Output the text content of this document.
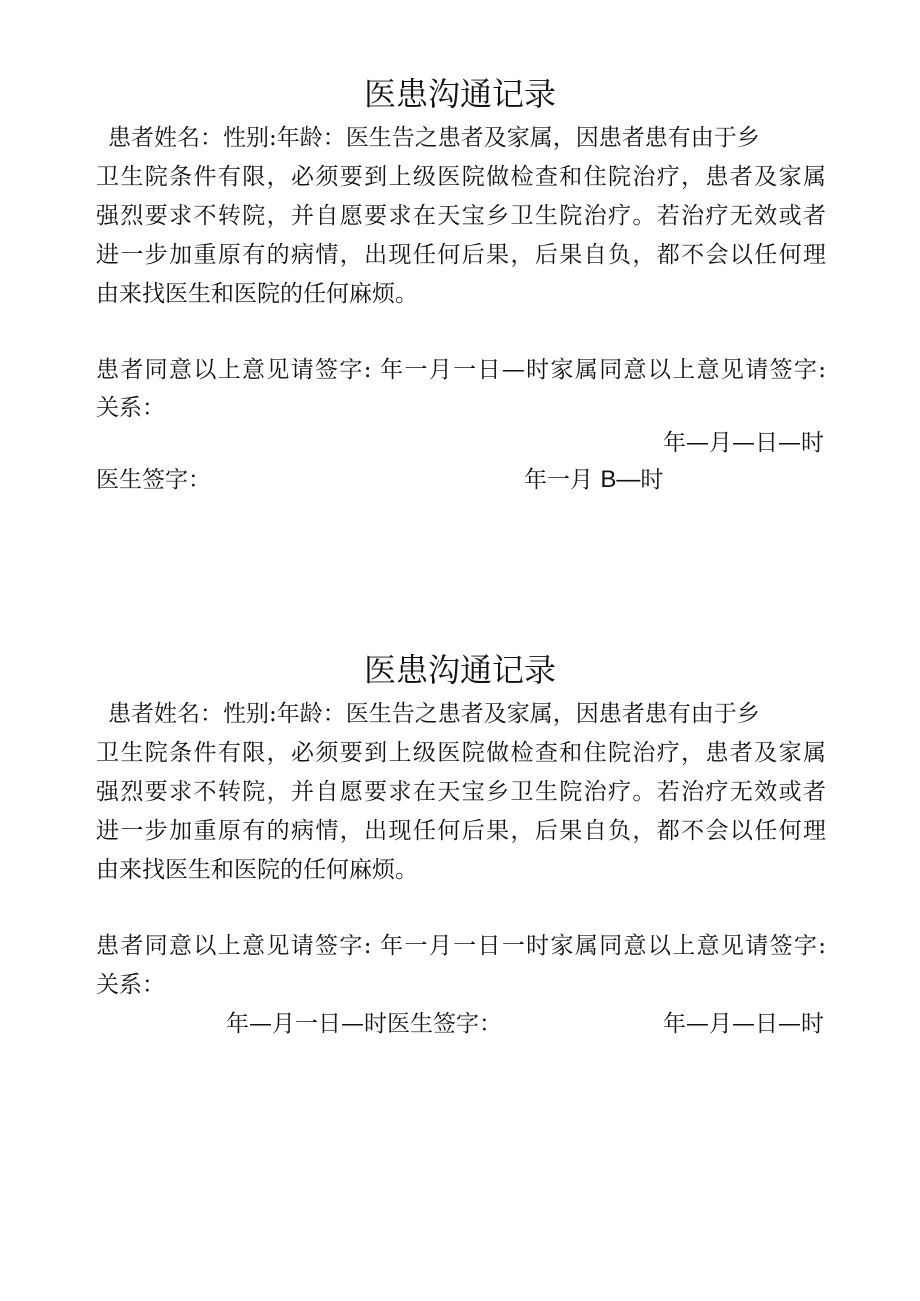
医患沟通记录
患者姓名：性别:年龄：医生告之患者及家属，因患者患有由于乡
卫生院条件有限，必须要到上级医院做检查和住院治疗，患者及家属
强烈要求不转院，并自愿要求在天宝乡卫生院治疗。若治疗无效或者
进一步加重原有的病情，出现任何后果，后果自负，都不会以任何理
由来找医生和医院的任何麻烦。
患者同意以上意见请签字: 年一月一日—时家属同意以上意见请签字:
关系：
年—月—日—时
医生签字：	年一月 B—时
医患沟通记录
患者姓名：性别:年龄：医生告之患者及家属，因患者患有由于乡
卫生院条件有限，必须要到上级医院做检查和住院治疗，患者及家属
强烈要求不转院，并自愿要求在天宝乡卫生院治疗。若治疗无效或者
进一步加重原有的病情，出现任何后果，后果自负，都不会以任何理
由来找医生和医院的任何麻烦。
患者同意以上意见请签字: 年一月一日一时家属同意以上意见请签字:
关系：
年—月一日—时医生签字：	年—月—日—时
